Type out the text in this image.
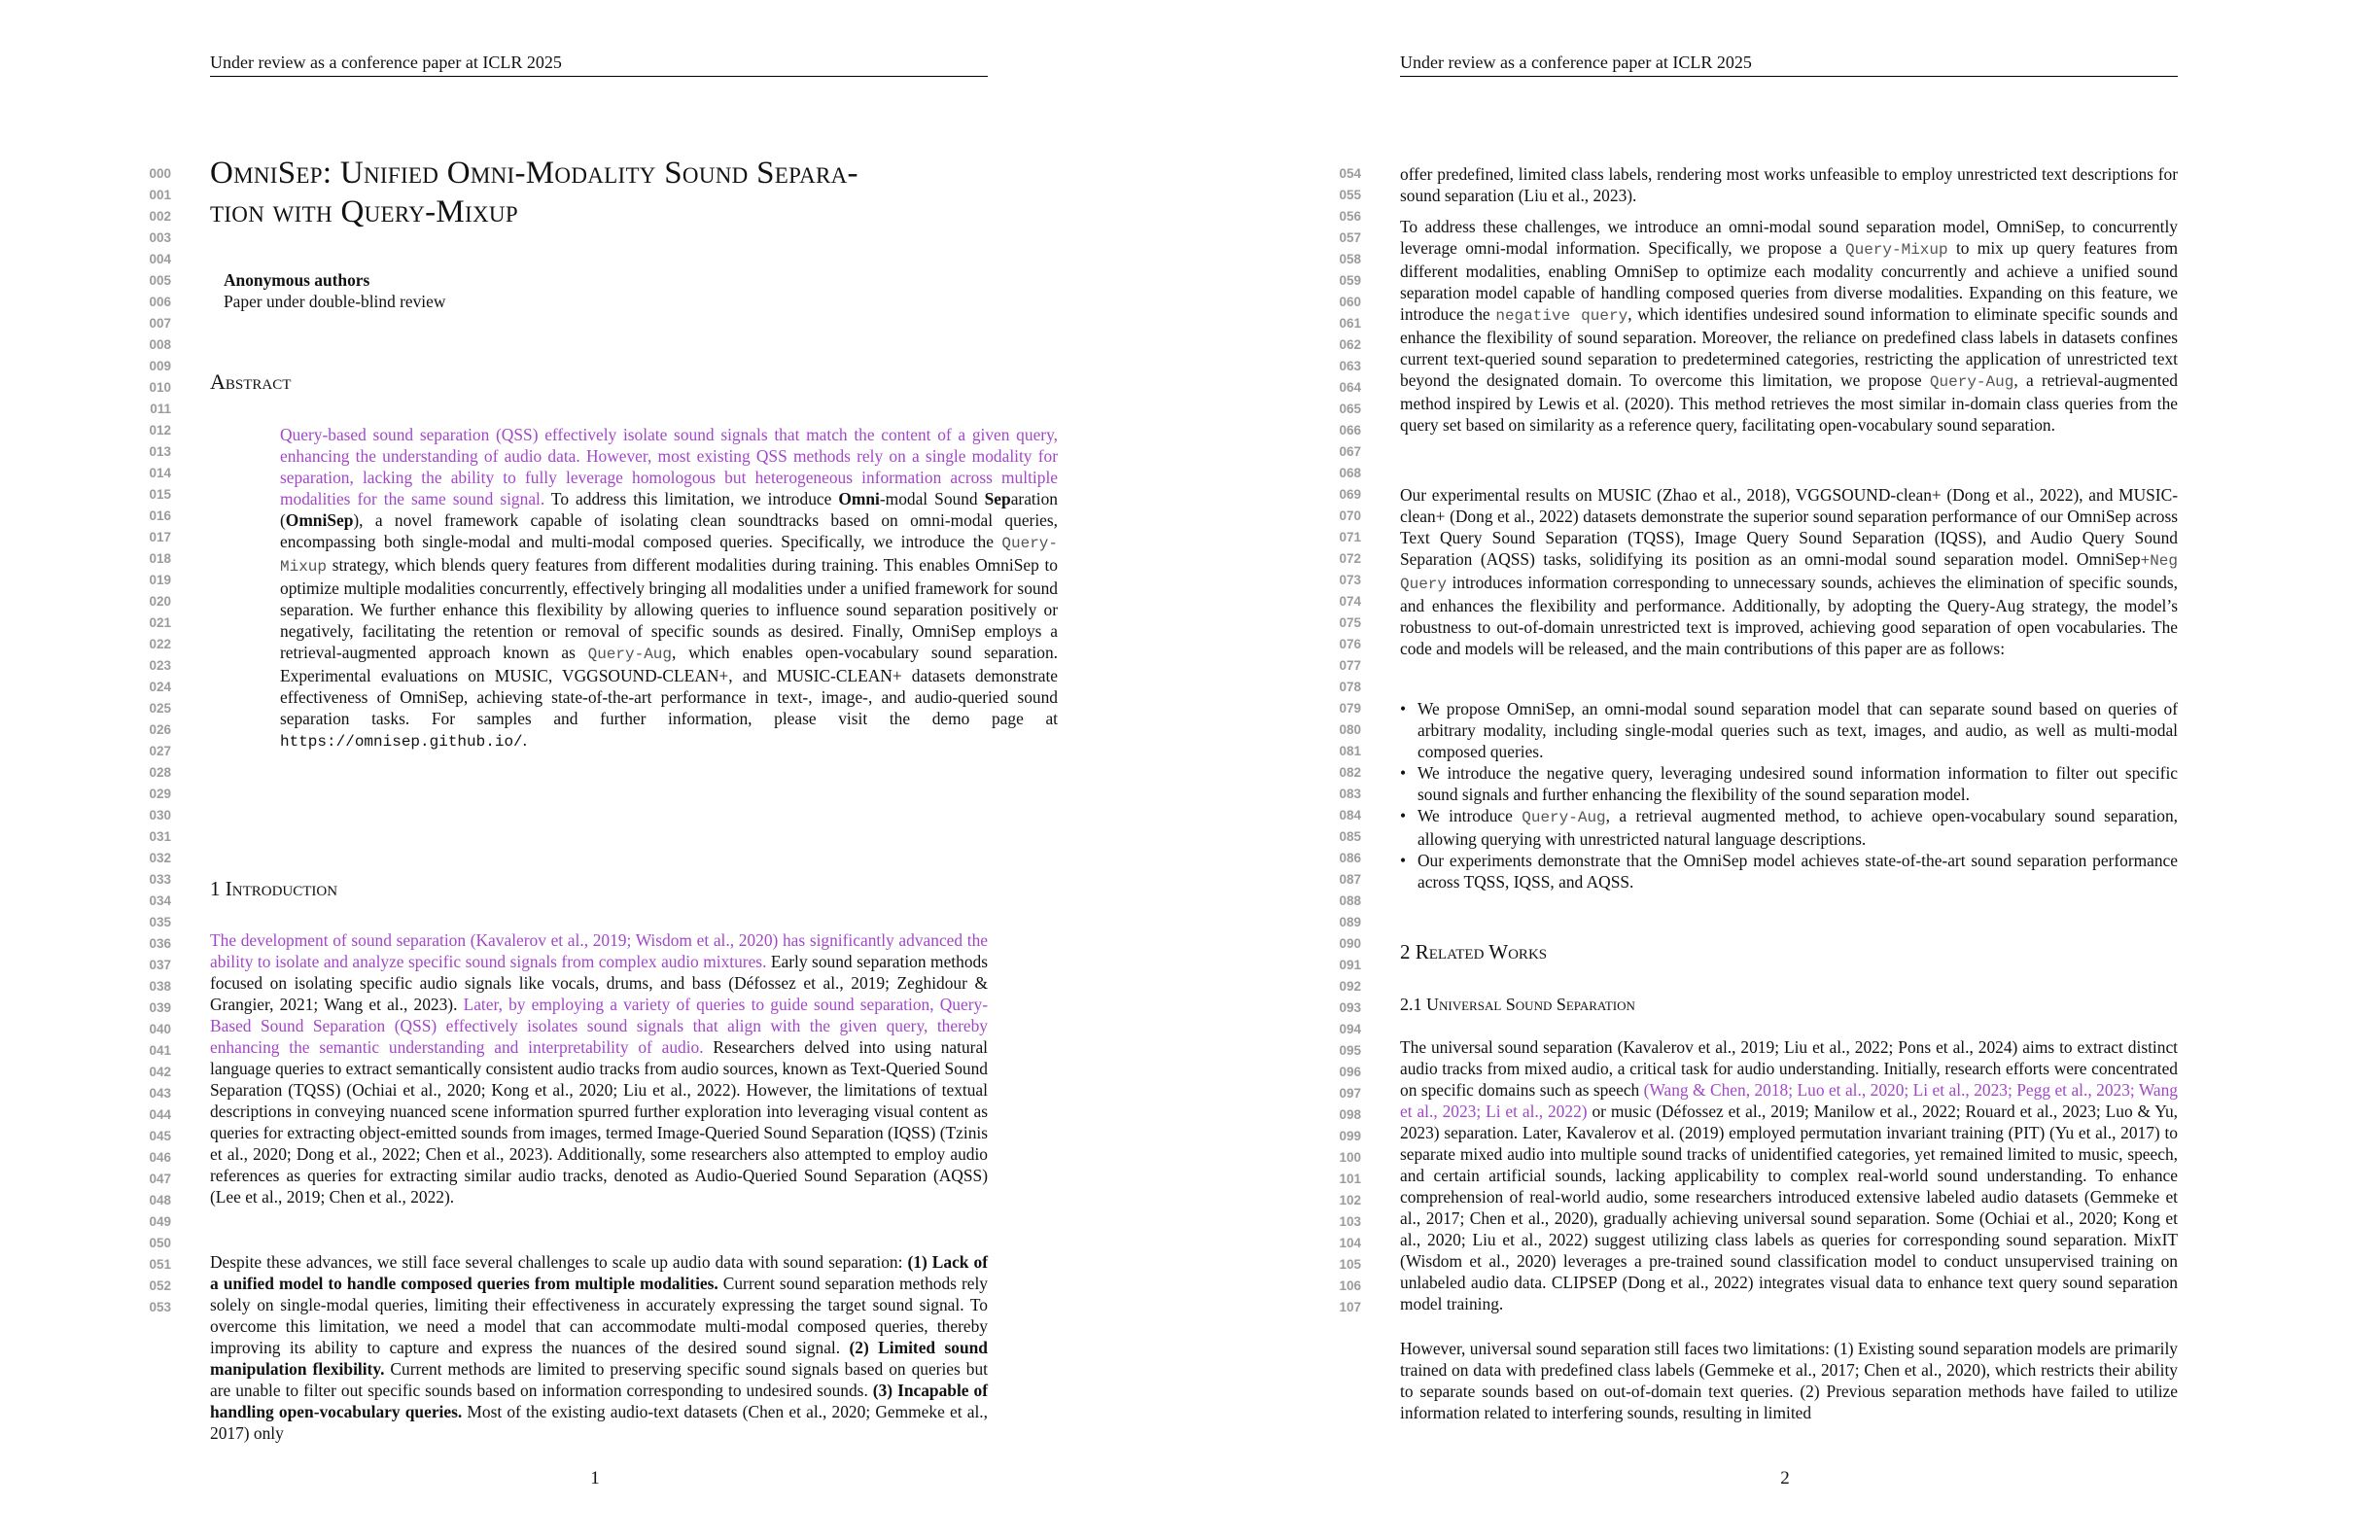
Under review as a conference paper at ICLR 2025
000
001
002
003
004
005
006
007
008
009
010
011
012
013
014
015
016
017
018
019
020
021
022
023
024
025
026
027
028
029
030
031
032
033
034
035
036
037
038
039
040
041
042
043
044
045
046
047
048
049
050
051
052
053

OmniSep: Unified Omni-Modality Sound Separa-

tion with Query-Mixup

Anonymous authors

Paper under double-blind review

Abstract

Query-based sound separation (QSS) effectively isolate sound signals that match the content of a given query, enhancing the understanding of audio data. However, most existing QSS methods rely on a single modality for separation, lacking the ability to fully leverage homologous but heterogeneous information across multiple modalities for the same sound signal. To address this limitation, we introduce Omni-modal Sound Separation (OmniSep), a novel framework capable of isolating clean soundtracks based on omni-modal queries, encompassing both single-modal and multi-modal composed queries. Specifically, we introduce the Query-Mixup strategy, which blends query features from different modalities during training. This enables OmniSep to optimize multiple modalities concurrently, effectively bringing all modalities under a unified framework for sound separation. We further enhance this flexibility by allowing queries to influence sound separation positively or negatively, facilitating the retention or removal of specific sounds as desired. Finally, OmniSep employs a retrieval-augmented approach known as Query-Aug, which enables open-vocabulary sound separation. Experimental evaluations on MUSIC, VGGSOUND-CLEAN+, and MUSIC-CLEAN+ datasets demonstrate effectiveness of OmniSep, achieving state-of-the-art performance in text-, image-, and audio-queried sound separation tasks. For samples and further information, please visit the demo page at https://omnisep.github.io/.

1 Introduction

The development of sound separation (Kavalerov et al., 2019; Wisdom et al., 2020) has significantly advanced the ability to isolate and analyze specific sound signals from complex audio mixtures. Early sound separation methods focused on isolating specific audio signals like vocals, drums, and bass (Défossez et al., 2019; Zeghidour & Grangier, 2021; Wang et al., 2023). Later, by employing a variety of queries to guide sound separation, Query-Based Sound Separation (QSS) effectively isolates sound signals that align with the given query, thereby enhancing the semantic understanding and interpretability of audio. Researchers delved into using natural language queries to extract semantically consistent audio tracks from audio sources, known as Text-Queried Sound Separation (TQSS) (Ochiai et al., 2020; Kong et al., 2020; Liu et al., 2022). However, the limitations of textual descriptions in conveying nuanced scene information spurred further exploration into leveraging visual content as queries for extracting object-emitted sounds from images, termed Image-Queried Sound Separation (IQSS) (Tzinis et al., 2020; Dong et al., 2022; Chen et al., 2023). Additionally, some researchers also attempted to employ audio references as queries for extracting similar audio tracks, denoted as Audio-Queried Sound Separation (AQSS) (Lee et al., 2019; Chen et al., 2022).

Despite these advances, we still face several challenges to scale up audio data with sound separation: (1) Lack of a unified model to handle composed queries from multiple modalities. Current sound separation methods rely solely on single-modal queries, limiting their effectiveness in accurately expressing the target sound signal. To overcome this limitation, we need a model that can accommodate multi-modal composed queries, thereby improving its ability to capture and express the nuances of the desired sound signal. (2) Limited sound manipulation flexibility. Current methods are limited to preserving specific sound signals based on queries but are unable to filter out specific sounds based on information corresponding to undesired sounds. (3) Incapable of handling open-vocabulary queries. Most of the existing audio-text datasets (Chen et al., 2020; Gemmeke et al., 2017) only

1
Under review as a conference paper at ICLR 2025
054
055
056
057
058
059
060
061
062
063
064
065
066
067
068
069
070
071
072
073
074
075
076
077
078
079
080
081
082
083
084
085
086
087
088
089
090
091
092
093
094
095
096
097
098
099
100
101
102
103
104
105
106
107

offer predefined, limited class labels, rendering most works unfeasible to employ unrestricted text descriptions for sound separation (Liu et al., 2023).

To address these challenges, we introduce an omni-modal sound separation model, OmniSep, to concurrently leverage omni-modal information. Specifically, we propose a Query-Mixup to mix up query features from different modalities, enabling OmniSep to optimize each modality concurrently and achieve a unified sound separation model capable of handling composed queries from diverse modalities. Expanding on this feature, we introduce the negative query, which identifies undesired sound information to eliminate specific sounds and enhance the flexibility of sound separation. Moreover, the reliance on predefined class labels in datasets confines current text-queried sound separation to predetermined categories, restricting the application of unrestricted text beyond the designated domain. To overcome this limitation, we propose Query-Aug, a retrieval-augmented method inspired by Lewis et al. (2020). This method retrieves the most similar in-domain class queries from the query set based on similarity as a reference query, facilitating open-vocabulary sound separation.

Our experimental results on MUSIC (Zhao et al., 2018), VGGSOUND-clean+ (Dong et al., 2022), and MUSIC-clean+ (Dong et al., 2022) datasets demonstrate the superior sound separation performance of our OmniSep across Text Query Sound Separation (TQSS), Image Query Sound Separation (IQSS), and Audio Query Sound Separation (AQSS) tasks, solidifying its position as an omni-modal sound separation model. OmniSep+Neg Query introduces information corresponding to unnecessary sounds, achieves the elimination of specific sounds, and enhances the flexibility and performance. Additionally, by adopting the Query-Aug strategy, the model’s robustness to out-of-domain unrestricted text is improved, achieving good separation of open vocabularies. The code and models will be released, and the main contributions of this paper are as follows:

• We propose OmniSep, an omni-modal sound separation model that can separate sound based on queries of arbitrary modality, including single-modal queries such as text, images, and audio, as well as multi-modal composed queries.
• We introduce the negative query, leveraging undesired sound information information to filter out specific sound signals and further enhancing the flexibility of the sound separation model.
• We introduce Query-Aug, a retrieval augmented method, to achieve open-vocabulary sound separation, allowing querying with unrestricted natural language descriptions.
• Our experiments demonstrate that the OmniSep model achieves state-of-the-art sound separation performance across TQSS, IQSS, and AQSS.

2 Related Works

2.1 Universal Sound Separation

The universal sound separation (Kavalerov et al., 2019; Liu et al., 2022; Pons et al., 2024) aims to extract distinct audio tracks from mixed audio, a critical task for audio understanding. Initially, research efforts were concentrated on specific domains such as speech (Wang & Chen, 2018; Luo et al., 2020; Li et al., 2023; Pegg et al., 2023; Wang et al., 2023; Li et al., 2022) or music (Défossez et al., 2019; Manilow et al., 2022; Rouard et al., 2023; Luo & Yu, 2023) separation. Later, Kavalerov et al. (2019) employed permutation invariant training (PIT) (Yu et al., 2017) to separate mixed audio into multiple sound tracks of unidentified categories, yet remained limited to music, speech, and certain artificial sounds, lacking applicability to complex real-world sound understanding. To enhance comprehension of real-world audio, some researchers introduced extensive labeled audio datasets (Gemmeke et al., 2017; Chen et al., 2020), gradually achieving universal sound separation. Some (Ochiai et al., 2020; Kong et al., 2020; Liu et al., 2022) suggest utilizing class labels as queries for corresponding sound separation. MixIT (Wisdom et al., 2020) leverages a pre-trained sound classification model to conduct unsupervised training on unlabeled audio data. CLIPSEP (Dong et al., 2022) integrates visual data to enhance text query sound separation model training.

However, universal sound separation still faces two limitations: (1) Existing sound separation models are primarily trained on data with predefined class labels (Gemmeke et al., 2017; Chen et al., 2020), which restricts their ability to separate sounds based on out-of-domain text queries. (2) Previous separation methods have failed to utilize information related to interfering sounds, resulting in limited

2
